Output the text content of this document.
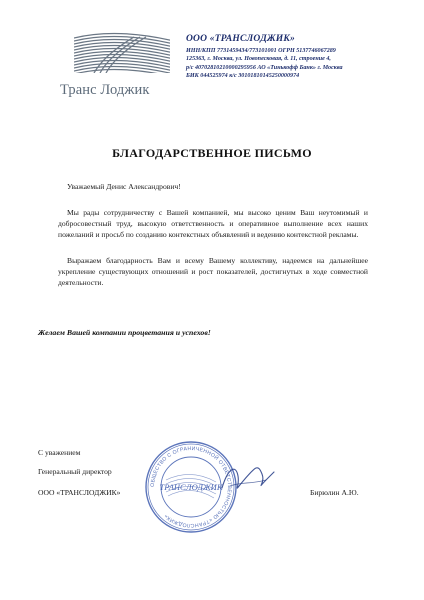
Транс Лоджик
ООО «ТРАНСЛОДЖИК»
ИНН/КПП 7731459434/773101001 ОГРН 5137746067289
125363, г. Москва, ул. Новопесковая, д. 11, строение 4,
р/с 40702810210000295956 АО «Тинькофф Банк» г. Москва
БИК 044525974 к/с 30101810145250000974
БЛАГОДАРСТВЕННОЕ ПИСЬМО
Уважаемый Денис Александрович!
Мы рады сотрудничеству с Вашей компанией, мы высоко ценим Ваш неутомимый и добросовестный труд, высокую ответственность и оперативное выполнение всех наших пожеланий и просьб по созданию контекстных объявлений и ведению контекстной рекламы.
Выражаем благодарность Вам и всему Вашему коллективу, надеемся на дальнейшее укрепление существующих отношений и рост показателей, достигнутых в ходе совместной деятельности.
Желаем Вашей компании процветания и успехов!
ОБЩЕСТВО С ОГРАНИЧЕННОЙ ОТВЕТСТВЕННОСТЬЮ «ТРАНСЛОДЖИК»
ТРАНСЛОДЖИК
С уважением
Генеральный директор
ООО «ТРАНСЛОДЖИК»	Бирюлин А.Ю.
